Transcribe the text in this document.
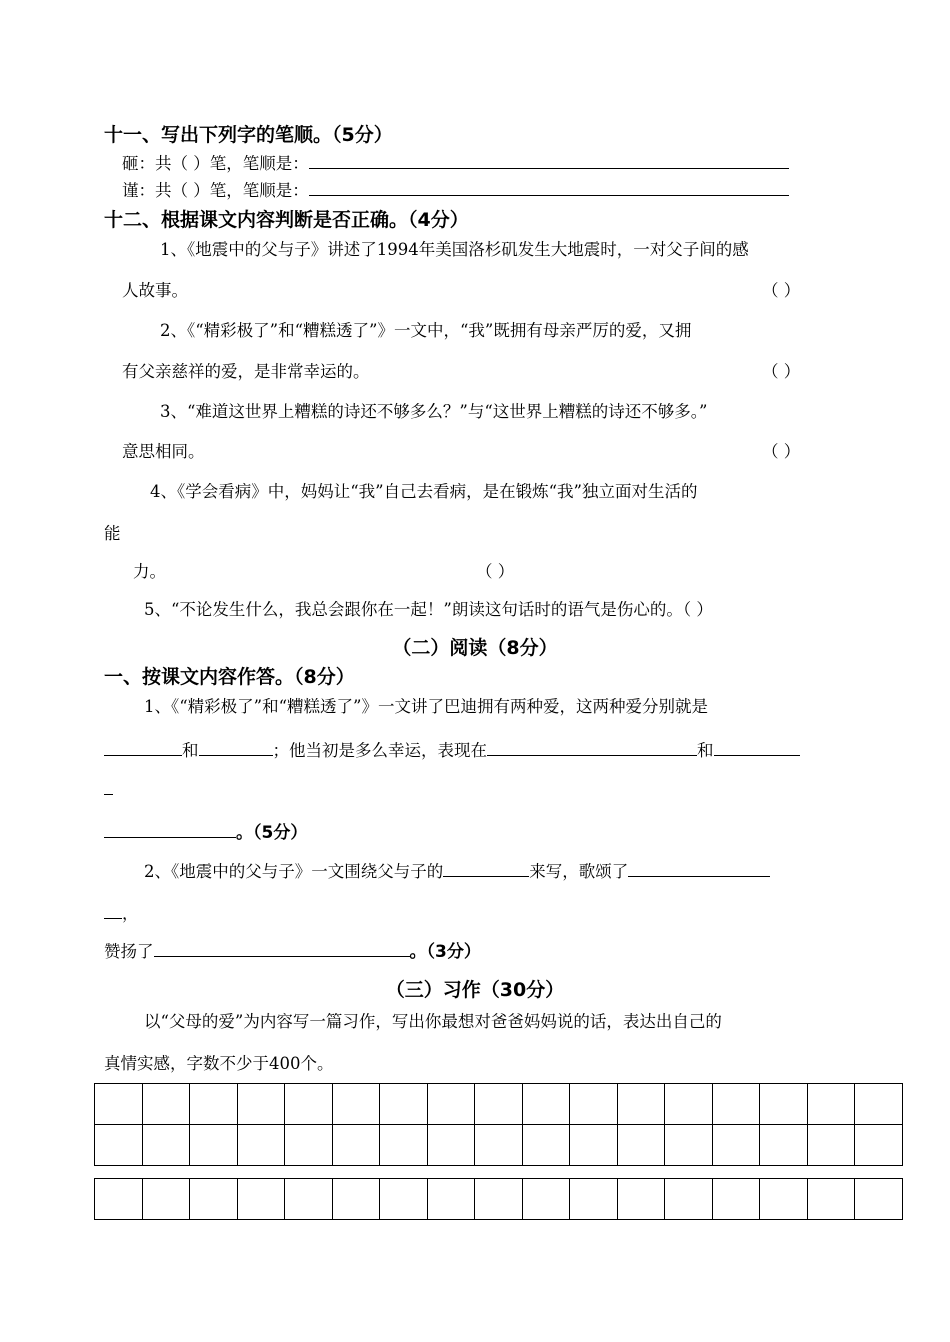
十一、写出下列字的笔顺。（5分）
砸：共（ ）笔，笔顺是：
谨：共（ ）笔，笔顺是：
十二、根据课文内容判断是否正确。（4分）
1、《地震中的父与子》讲述了1994年美国洛杉矶发生大地震时，一对父子间的感
人故事。	（ ）
2、《“精彩极了”和“糟糕透了”》一文中，“我”既拥有母亲严厉的爱，又拥
有父亲慈祥的爱，是非常幸运的。	（ ）
3、“难道这世界上糟糕的诗还不够多么？”与“这世界上糟糕的诗还不够多。”
意思相同。	（ ）
4、《学会看病》中，妈妈让“我”自己去看病，是在锻炼“我”独立面对生活的
能
力。	（ ）
5、“不论发生什么，我总会跟你在一起！”朗读这句话时的语气是伤心的。（ ）
（二）阅读（8分）
一、按课文内容作答。（8分）
1、《“精彩极了”和“糟糕透了”》一文讲了巴迪拥有两种爱，这两种爱分别就是
和	；他当初是多么幸运，表现在	和
。（5分）
2、《地震中的父与子》一文围绕父与子的	来写，歌颂了
，
赞扬了	。（3分）
（三）习作（30分）
以“父母的爱”为内容写一篇习作，写出你最想对爸爸妈妈说的话，表达出自己的
真情实感，字数不少于400个。
